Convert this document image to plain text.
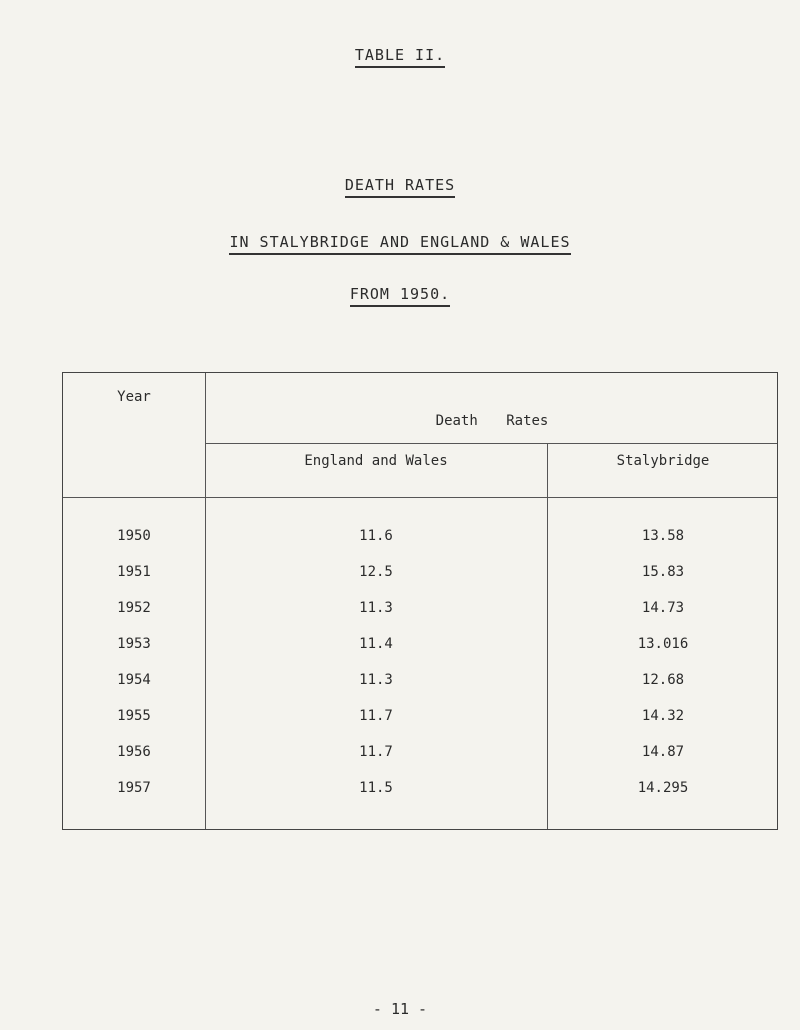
TABLE II.
DEATH RATES
IN STALYBRIDGE AND ENGLAND & WALES
FROM 1950.
Year
Death Rates
England and Wales	Stalybridge
1950	11.6	13.58
1951	12.5	15.83
1952	11.3	14.73
1953	11.4	13.016
1954	11.3	12.68
1955	11.7	14.32
1956	11.7	14.87
1957	11.5	14.295
- 11 -
